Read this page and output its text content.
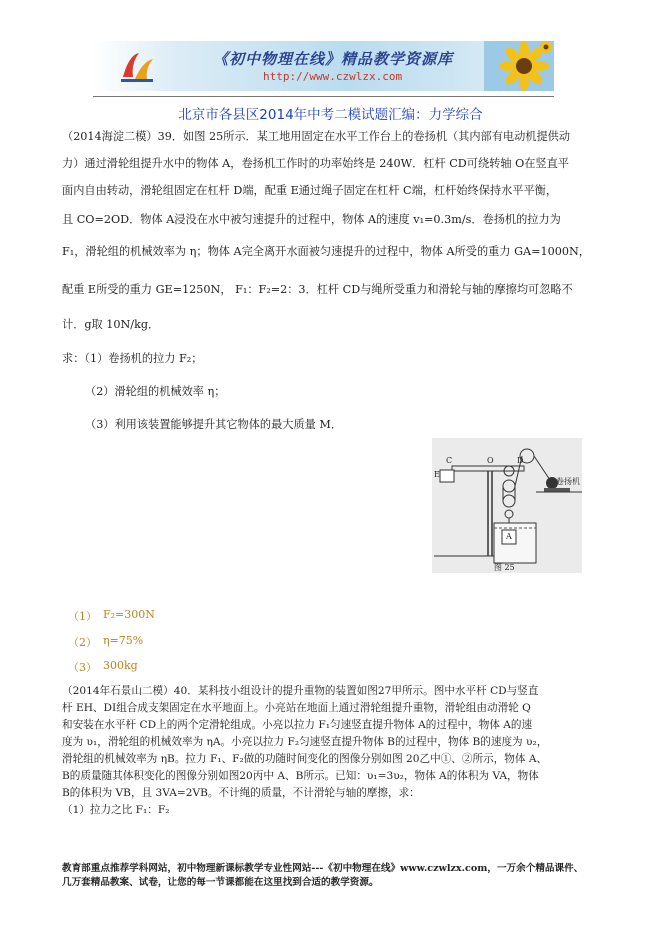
《初中物理在线》精品教学资源库
http://www.czwlzx.com
北京市各县区2014年中考二模试题汇编：力学综合
（2014海淀二模）39．如图 25所示．某工地用固定在水平工作台上的卷扬机（其内部有电动机提供动
力）通过滑轮组提升水中的物体 A，卷扬机工作时的功率始终是 240W．杠杆 CD可绕转轴 O在竖直平
面内自由转动，滑轮组固定在杠杆 D端，配重 E通过绳子固定在杠杆 C端，杠杆始终保持水平平衡，
且 CO=2OD．物体 A浸没在水中被匀速提升的过程中，物体 A的速度 v₁=0.3m/s．卷扬机的拉力为
F₁，滑轮组的机械效率为 η；物体 A完全离开水面被匀速提升的过程中，物体 A所受的重力 GA=1000N，
配重 E所受的重力 GE=1250N， F₁：F₂=2：3．杠杆 CD与绳所受重力和滑轮与轴的摩擦均可忽略不
计．g取 10N/kg．
求：（1）卷扬机的拉力 F₂；
（2）滑轮组的机械效率 η；
（3）利用该装置能够提升其它物体的最大质量 M．
C	O	D
E
A
卷扬机
图 25
（1） F₂=300N
（2） η=75%
（3） 300kg
（2014年石景山二模）40．某科技小组设计的提升重物的装置如图27甲所示。图中水平杆 CD与竖直
杆 EH、DI组合成支架固定在水平地面上。小亮站在地面上通过滑轮组提升重物，滑轮组由动滑轮 Q
和安装在水平杆 CD上的两个定滑轮组成。小亮以拉力 F₁匀速竖直提升物体 A的过程中，物体 A的速
度为 υ₁，滑轮组的机械效率为 ηA。小亮以拉力 F₂匀速竖直提升物体 B的过程中，物体 B的速度为 υ₂，
滑轮组的机械效率为 ηB。拉力 F₁、F₂做的功随时间变化的图像分别如图 20乙中①、②所示，物体 A、
B的质量随其体积变化的图像分别如图20丙中 A、B所示。已知：υ₁=3υ₂，物体 A的体积为 VA，物体
B的体积为 VB，且 3VA=2VB。不计绳的质量，不计滑轮与轴的摩擦，求：
（1）拉力之比 F₁：F₂
教育部重点推荐学科网站，初中物理新课标教学专业性网站---《初中物理在线》www.czwlzx.com，一万余个精品课件、
几万套精品教案、试卷，让您的每一节课都能在这里找到合适的教学资源。
